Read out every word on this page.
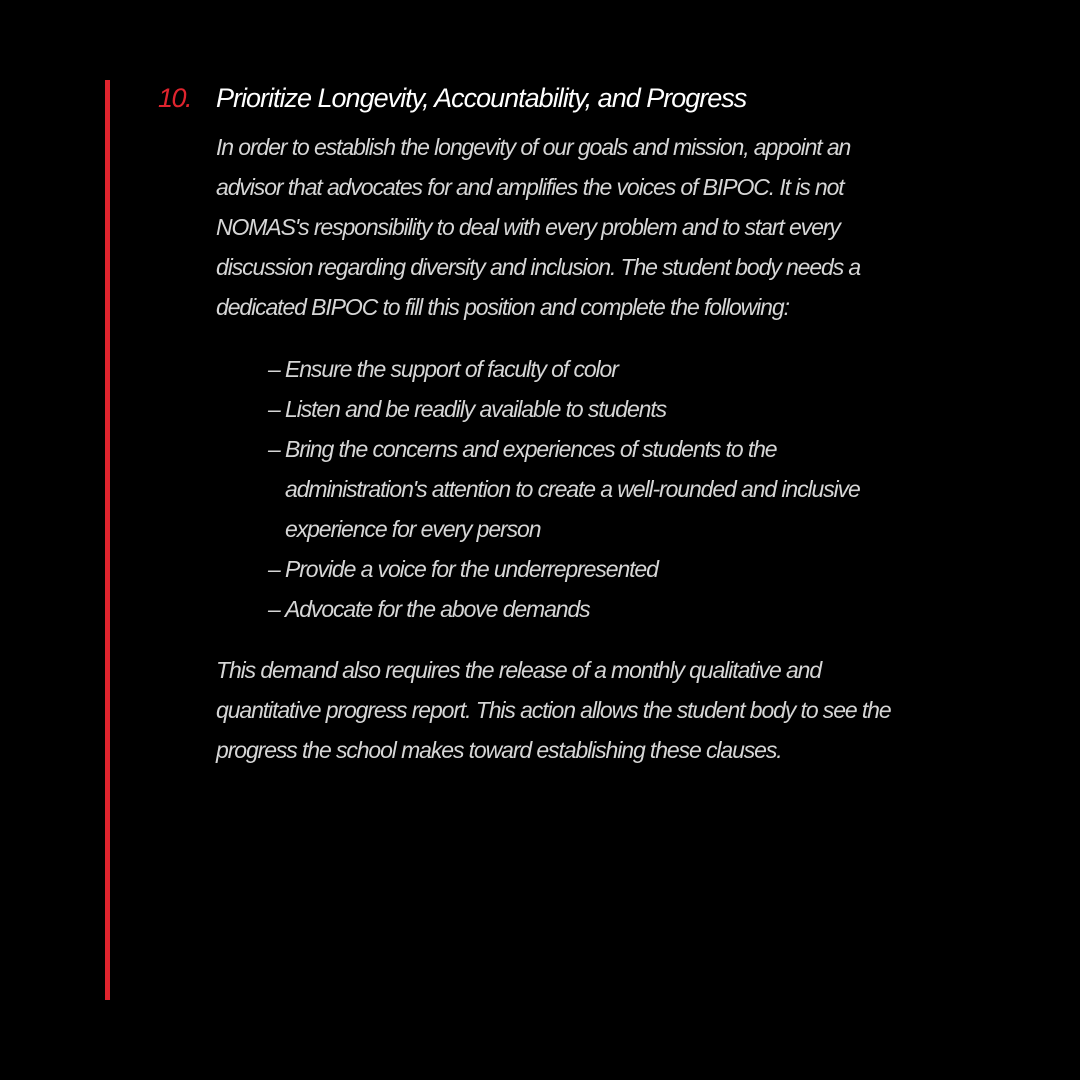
10. Prioritize Longevity, Accountability, and Progress
In order to establish the longevity of our goals and mission, appoint an
advisor that advocates for and amplifies the voices of BIPOC. It is not
NOMAS's responsibility to deal with every problem and to start every
discussion regarding diversity and inclusion. The student body needs a
dedicated BIPOC to fill this position and complete the following:
– Ensure the support of faculty of color
– Listen and be readily available to students
– Bring the concerns and experiences of students to the
administration's attention to create a well-rounded and inclusive
experience for every person
– Provide a voice for the underrepresented
– Advocate for the above demands
This demand also requires the release of a monthly qualitative and
quantitative progress report. This action allows the student body to see the
progress the school makes toward establishing these clauses.
